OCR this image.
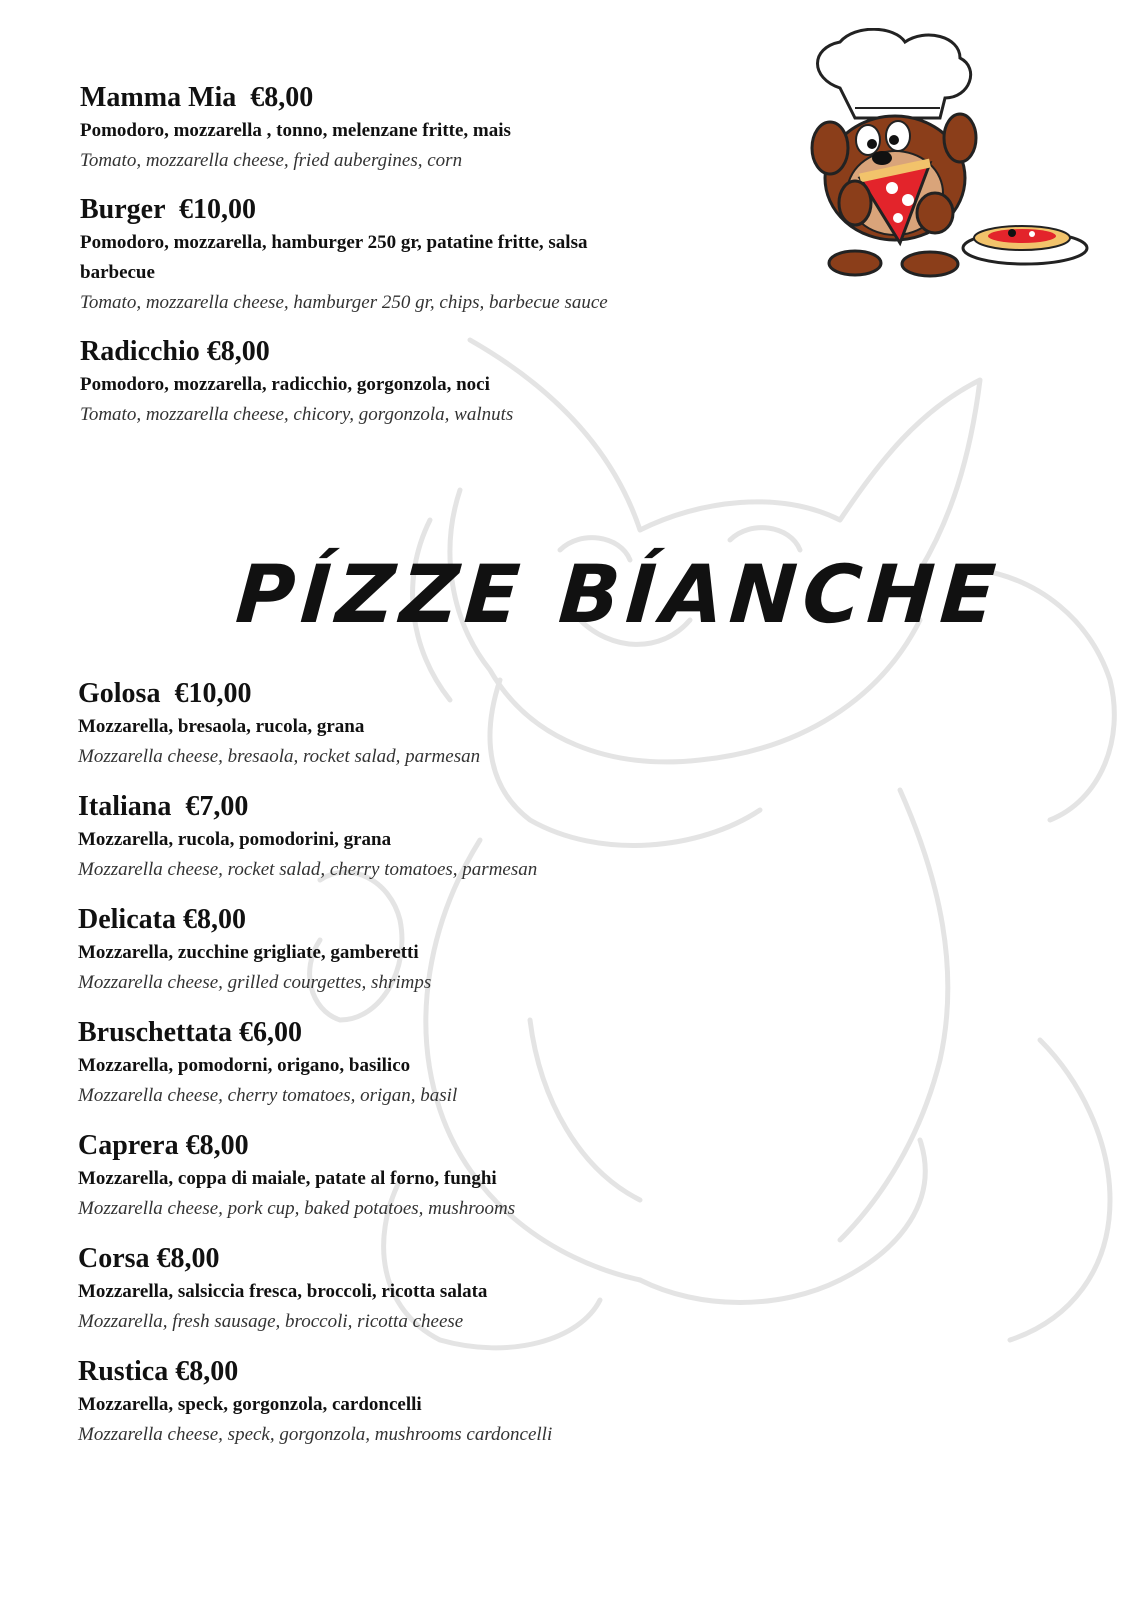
Mamma Mia  €8,00
Pomodoro, mozzarella , tonno, melenzane fritte, mais
Tomato, mozzarella cheese, fried aubergines, corn
Burger  €10,00
Pomodoro, mozzarella, hamburger 250 gr, patatine fritte, salsa barbecue
Tomato, mozzarella cheese, hamburger 250 gr, chips, barbecue sauce
Radicchio €8,00
Pomodoro, mozzarella, radicchio, gorgonzola, noci
Tomato, mozzarella cheese, chicory, gorgonzola, walnuts
PÍZZE BÍANCHE
Golosa  €10,00
Mozzarella, bresaola, rucola, grana
Mozzarella cheese, bresaola, rocket salad, parmesan
Italiana  €7,00
Mozzarella, rucola, pomodorini, grana
Mozzarella cheese, rocket salad, cherry tomatoes, parmesan
Delicata €8,00
Mozzarella, zucchine grigliate, gamberetti
Mozzarella cheese, grilled courgettes, shrimps
Bruschettata €6,00
Mozzarella, pomodorni, origano, basilico
Mozzarella cheese, cherry tomatoes, origan, basil
Caprera €8,00
Mozzarella, coppa di maiale, patate al forno, funghi
Mozzarella cheese, pork cup, baked potatoes, mushrooms
Corsa €8,00
Mozzarella, salsiccia fresca, broccoli, ricotta salata
Mozzarella, fresh sausage, broccoli, ricotta cheese
Rustica €8,00
Mozzarella, speck, gorgonzola, cardoncelli
Mozzarella cheese, speck, gorgonzola, mushrooms cardoncelli
